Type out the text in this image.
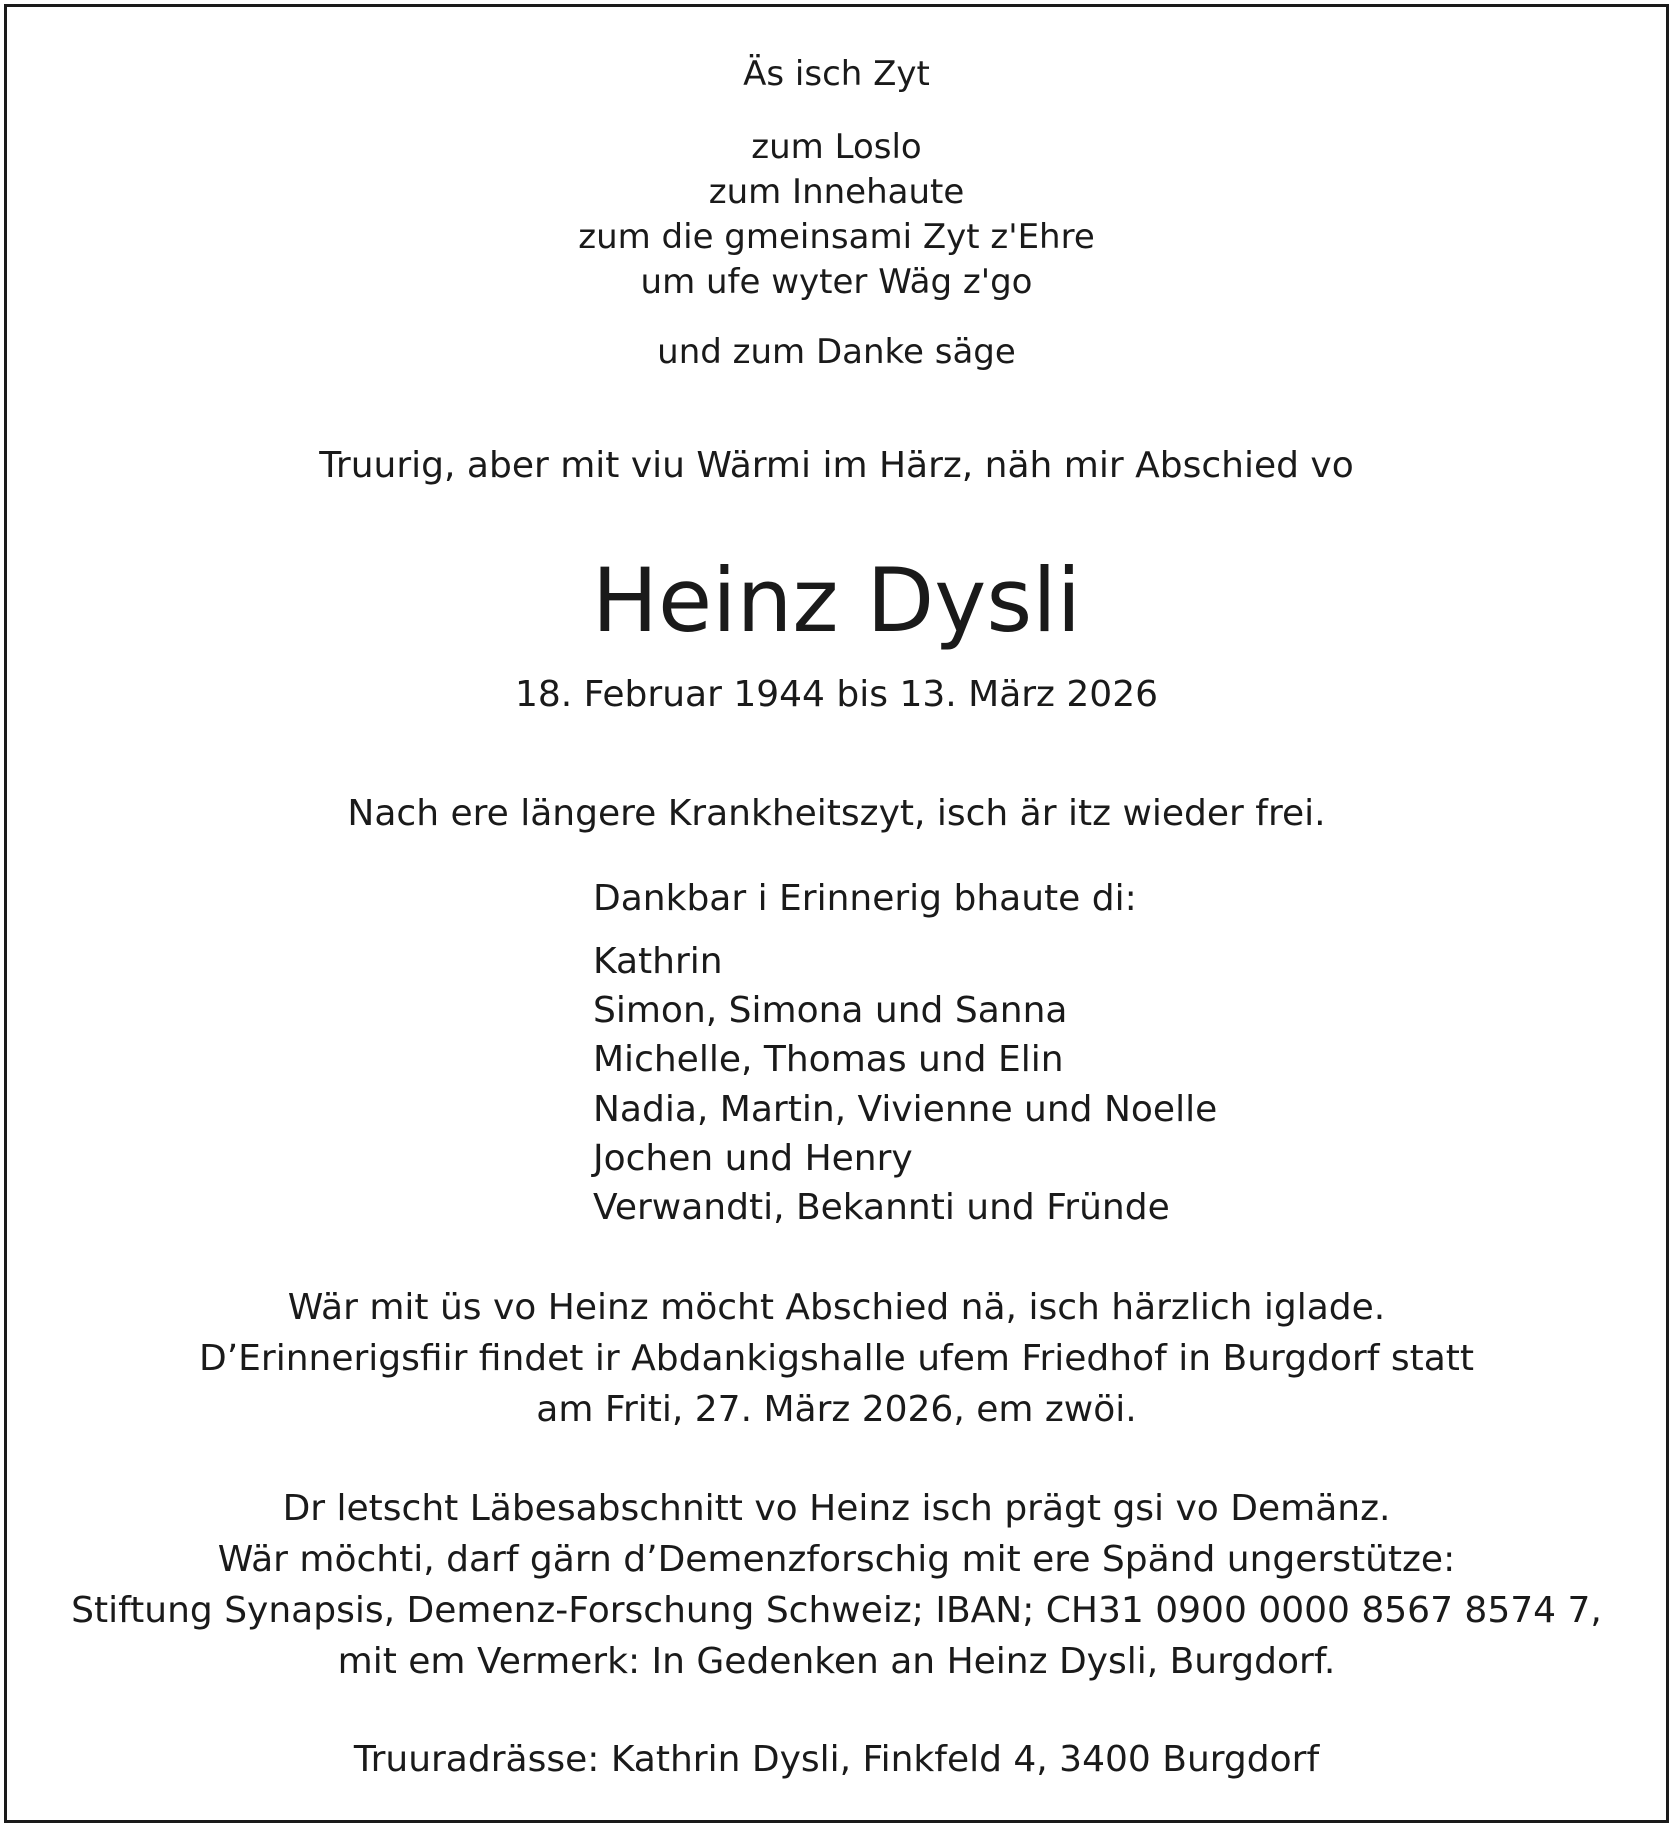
Äs isch Zyt
zum Loslo
zum Innehaute
zum die gmeinsami Zyt z'Ehre
um ufe wyter Wäg z'go
und zum Danke säge
Truurig, aber mit viu Wärmi im Härz, näh mir Abschied vo
Heinz Dysli
18. Februar 1944 bis 13. März 2026
Nach ere längere Krankheitszyt, isch är itz wieder frei.
Dankbar i Erinnerig bhaute di:
Kathrin
Simon, Simona und Sanna
Michelle, Thomas und Elin
Nadia, Martin, Vivienne und Noelle
Jochen und Henry
Verwandti, Bekannti und Fründe
Wär mit üs vo Heinz möcht Abschied nä, isch härzlich iglade.
D’Erinnerigsfiir findet ir Abdankigshalle ufem Friedhof in Burgdorf statt
am Friti, 27. März 2026, em zwöi.
Dr letscht Läbesabschnitt vo Heinz isch prägt gsi vo Demänz.
Wär möchti, darf gärn d’Demenzforschig mit ere Spänd ungerstütze:
Stiftung Synapsis, Demenz-Forschung Schweiz; IBAN; CH31 0900 0000 8567 8574 7,
mit em Vermerk: In Gedenken an Heinz Dysli, Burgdorf.
Truuradrässe: Kathrin Dysli, Finkfeld 4, 3400 Burgdorf
